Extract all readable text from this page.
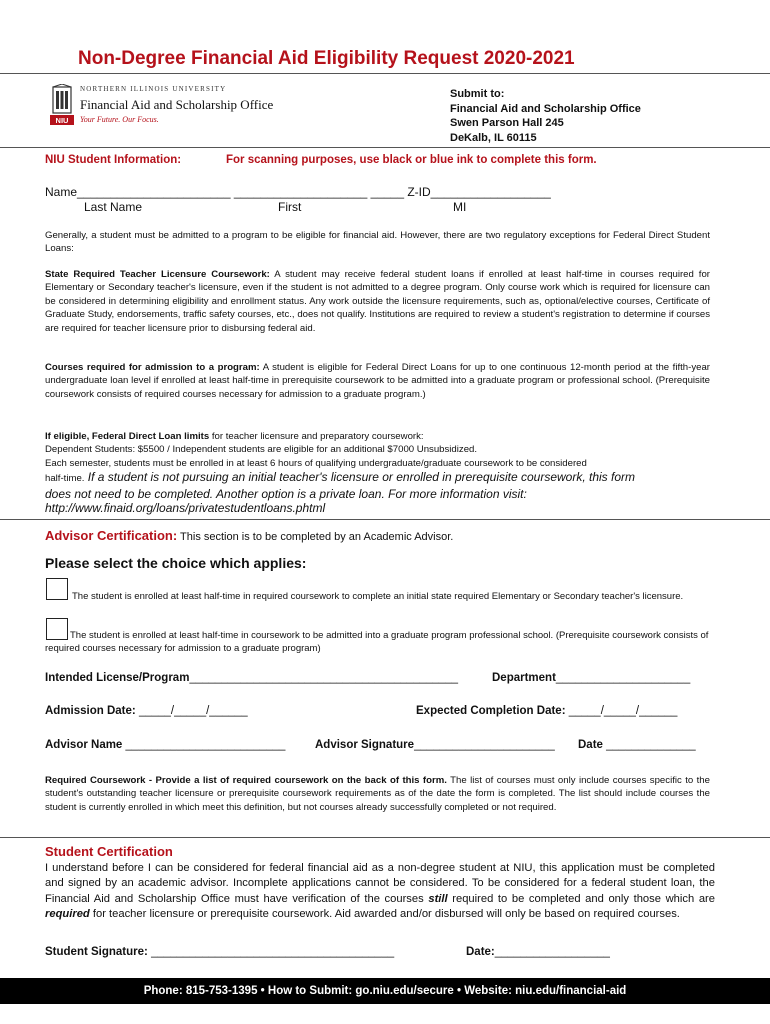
Non-Degree Financial Aid Eligibility Request 2020-2021
NIU
NORTHERN ILLINOIS UNIVERSITY
Financial Aid and Scholarship Office
Your Future. Our Focus.
Submit to:
Financial Aid and Scholarship Office
Swen Parson Hall 245
DeKalb, IL 60115
NIU Student Information:	For scanning purposes, use black or blue ink to complete this form.
Name_______________________ ____________________ _____ Z-ID__________________
Last Name	First	MI
Generally, a student must be admitted to a program to be eligible for financial aid. However, there are two regulatory exceptions for Federal Direct Student Loans:
State Required Teacher Licensure Coursework: A student may receive federal student loans if enrolled at least half-time in courses required for Elementary or Secondary teacher's licensure, even if the student is not admitted to a degree program. Only course work which is required for licensure can be considered in determining eligibility and enrollment status. Any work outside the licensure requirements, such as, optional/elective courses, Certificate of Graduate Study, endorsements, traffic safety courses, etc., does not qualify. Institutions are required to review a student's registration to determine if courses are required for teacher licensure prior to disbursing federal aid.
Courses required for admission to a program: A student is eligible for Federal Direct Loans for up to one continuous 12-month period at the fifth-year undergraduate loan level if enrolled at least half-time in prerequisite coursework to be admitted into a graduate program or professional school. (Prerequisite coursework consists of required courses necessary for admission to a graduate program.)
If eligible, Federal Direct Loan limits for teacher licensure and preparatory coursework:
Dependent Students: $5500 / Independent students are eligible for an additional $7000 Unsubsidized.
Each semester, students must be enrolled in at least 6 hours of qualifying undergraduate/graduate coursework to be considered
half-time. If a student is not pursuing an initial teacher's licensure or enrolled in prerequisite coursework, this form
does not need to be completed. Another option is a private loan. For more information visit:
http://www.finaid.org/loans/privatestudentloans.phtml
Advisor Certification: This section is to be completed by an Academic Advisor.
Please select the choice which applies:
The student is enrolled at least half-time in required coursework to complete an initial state required Elementary or Secondary teacher's licensure.
The student is enrolled at least half-time in coursework to be admitted into a graduate program professional school. (Prerequisite coursework consists of required courses necessary for admission to a graduate program)
Intended License/Program__________________________________________	Department_____________________
Admission Date: _____/_____/______	Expected Completion Date: _____/_____/______
Advisor Name _________________________	Advisor Signature______________________ Date ______________
Required Coursework - Provide a list of required coursework on the back of this form. The list of courses must only include courses specific to the student's outstanding teacher licensure or prerequisite coursework requirements as of the date the form is completed. The list should include courses the student is currently enrolled in which meet this definition, but not courses already successfully completed or not required.
Student Certification
I understand before I can be considered for federal financial aid as a non-degree student at NIU, this application must be completed and signed by an academic advisor. Incomplete applications cannot be considered. To be considered for a federal student loan, the Financial Aid and Scholarship Office must have verification of the courses still required to be completed and only those which are required for teacher licensure or prerequisite coursework. Aid awarded and/or disbursed will only be based on required courses.
Student Signature: ______________________________________	Date:__________________
Phone: 815-753-1395 • How to Submit: go.niu.edu/secure • Website: niu.edu/financial-aid
